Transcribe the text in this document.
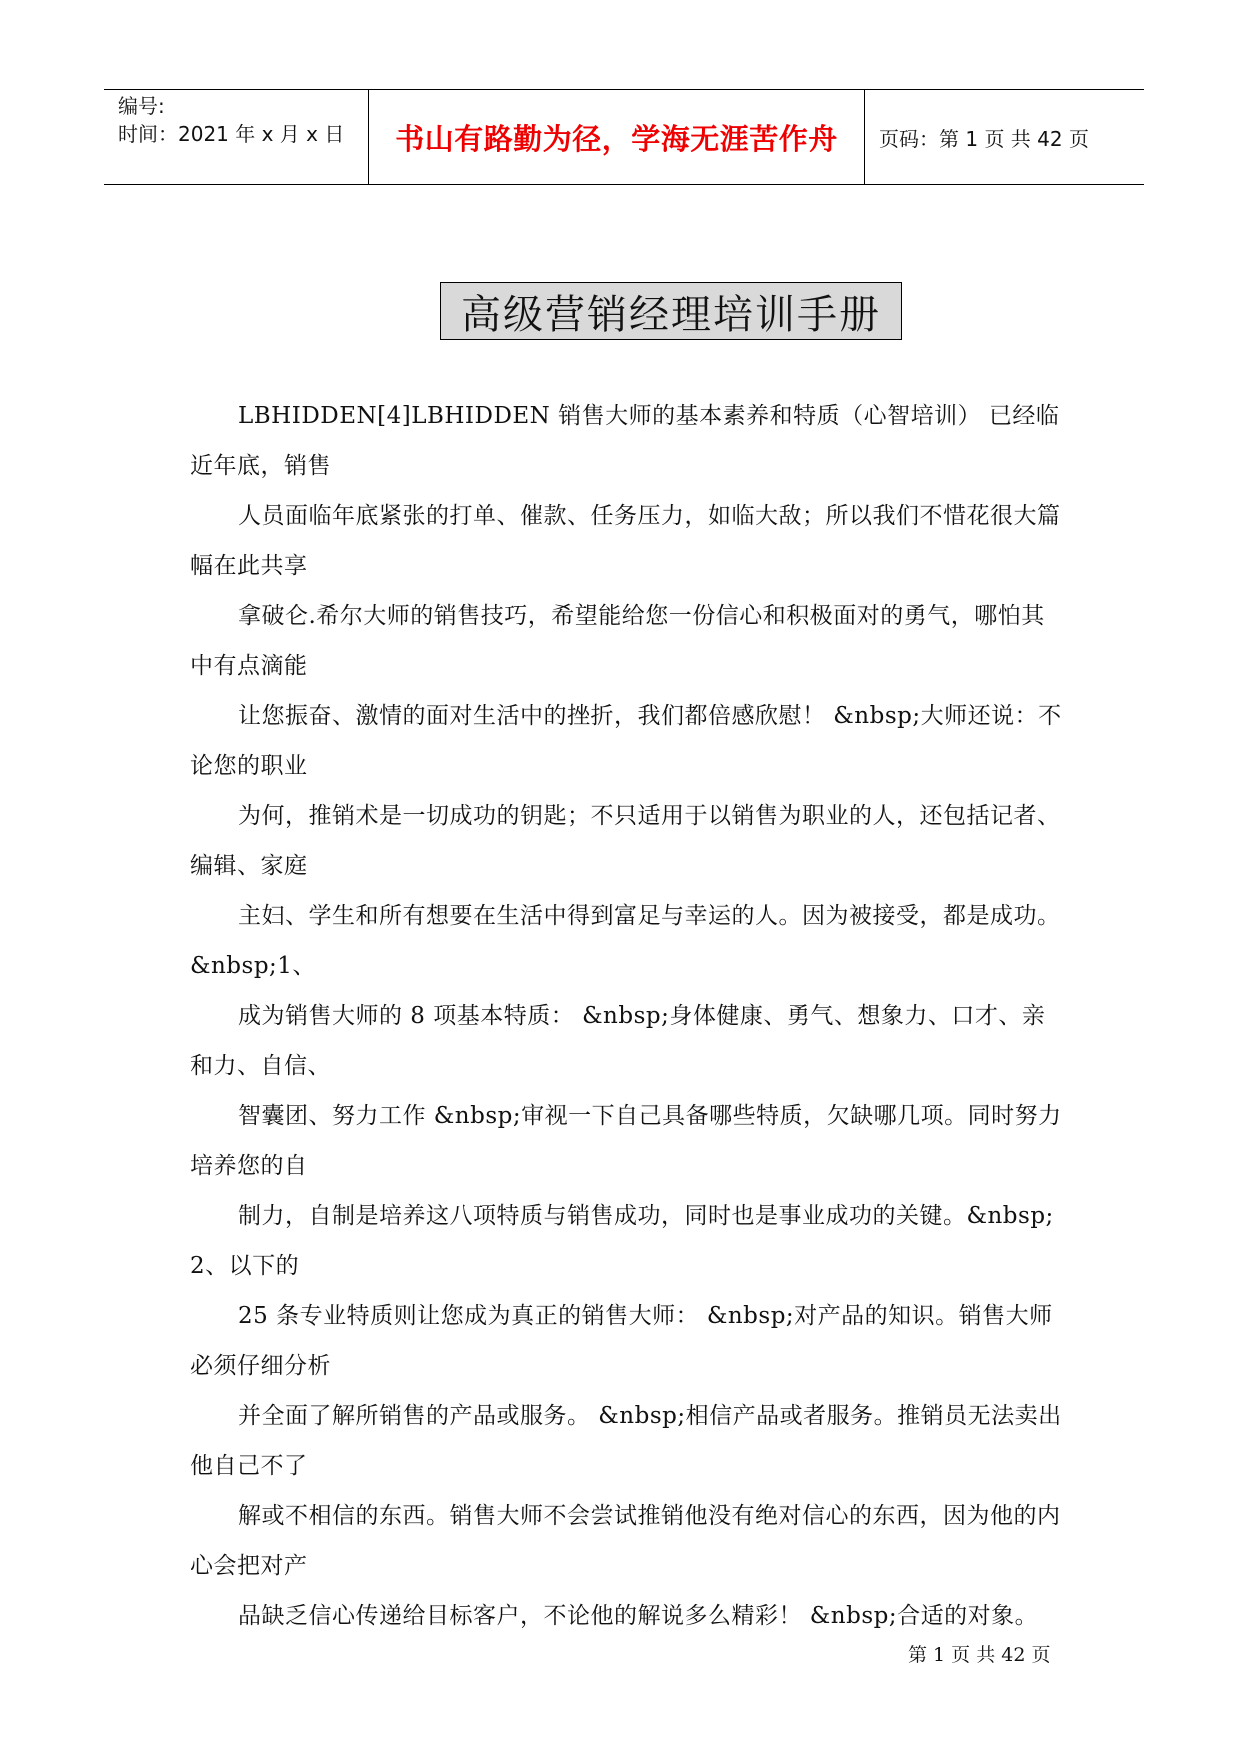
编号:
时间：2021 年 x 月 x 日	书山有路勤为径，学海无涯苦作舟 页码：第 1 页 共 42 页
高级营销经理培训手册

LBHIDDEN[4]LBHIDDEN 销售大师的基本素养和特质（心智培训） 已经临近年底，销售

人员面临年底紧张的打单、催款、任务压力，如临大敌；所以我们不惜花很大篇幅在此共享

拿破仑.希尔大师的销售技巧，希望能给您一份信心和积极面对的勇气，哪怕其中有点滴能

让您振奋、激情的面对生活中的挫折，我们都倍感欣慰！ &nbsp;大师还说：不论您的职业

为何，推销术是一切成功的钥匙；不只适用于以销售为职业的人，还包括记者、编辑、家庭

主妇、学生和所有想要在生活中得到富足与幸运的人。因为被接受，都是成功。 &nbsp;1、

成为销售大师的 8 项基本特质： &nbsp;身体健康、勇气、想象力、口才、亲和力、自信、

智囊团、努力工作 &nbsp;审视一下自己具备哪些特质，欠缺哪几项。同时努力培养您的自

制力，自制是培养这八项特质与销售成功，同时也是事业成功的关键。&nbsp;2、以下的

25 条专业特质则让您成为真正的销售大师： &nbsp;对产品的知识。销售大师必须仔细分析

并全面了解所销售的产品或服务。 &nbsp;相信产品或者服务。推销员无法卖出他自己不了

解或不相信的东西。销售大师不会尝试推销他没有绝对信心的东西，因为他的内心会把对产

品缺乏信心传递给目标客户，不论他的解说多么精彩！ &nbsp;合适的对象。

第 1 页 共 42 页
